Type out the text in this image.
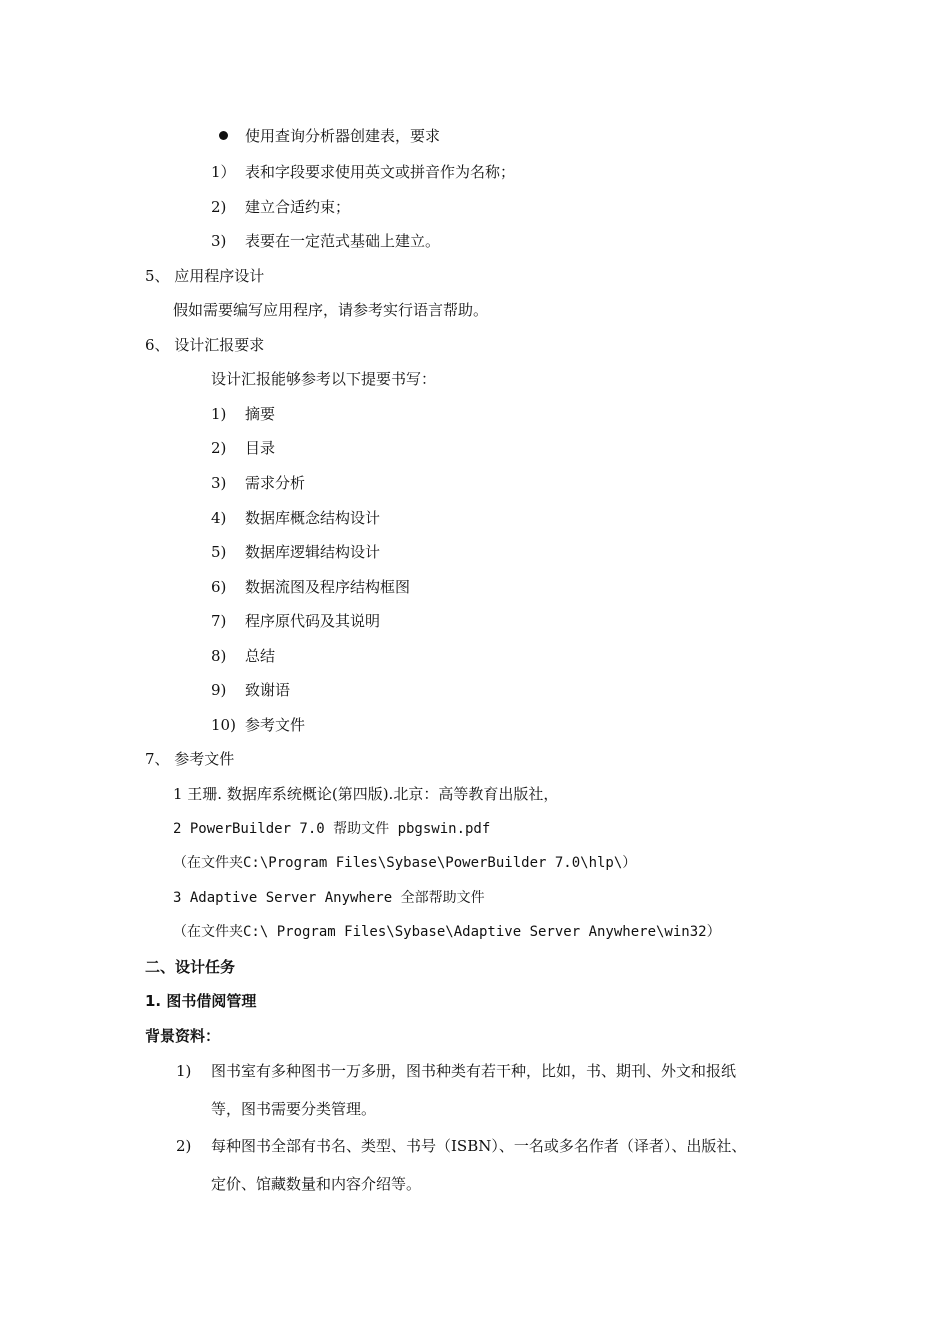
使用查询分析器创建表，要求
1） 表和字段要求使用英文或拼音作为名称；
2) 建立合适约束；
3) 表要在一定范式基础上建立。
5、 应用程序设计
假如需要编写应用程序，请参考实行语言帮助。
6、 设计汇报要求
设计汇报能够参考以下提要书写：
1) 摘要
2) 目录
3) 需求分析
4) 数据库概念结构设计
5) 数据库逻辑结构设计
6) 数据流图及程序结构框图
7) 程序原代码及其说明
8) 总结
9) 致谢语
10) 参考文件
7、 参考文件
1 王珊. 数据库系统概论(第四版).北京：高等教育出版社，
2 PowerBuilder 7.0 帮助文件 pbgswin.pdf
（在文件夹C:\Program Files\Sybase\PowerBuilder 7.0\hlp\）
3 Adaptive Server Anywhere 全部帮助文件
（在文件夹C:\ Program Files\Sybase\Adaptive Server Anywhere\win32）
二、设计任务
1. 图书借阅管理
背景资料：
1) 图书室有多种图书一万多册，图书种类有若干种，比如，书、期刊、外文和报纸
等，图书需要分类管理。
2) 每种图书全部有书名、类型、书号（ISBN）、一名或多名作者（译者）、出版社、
定价、馆藏数量和内容介绍等。
